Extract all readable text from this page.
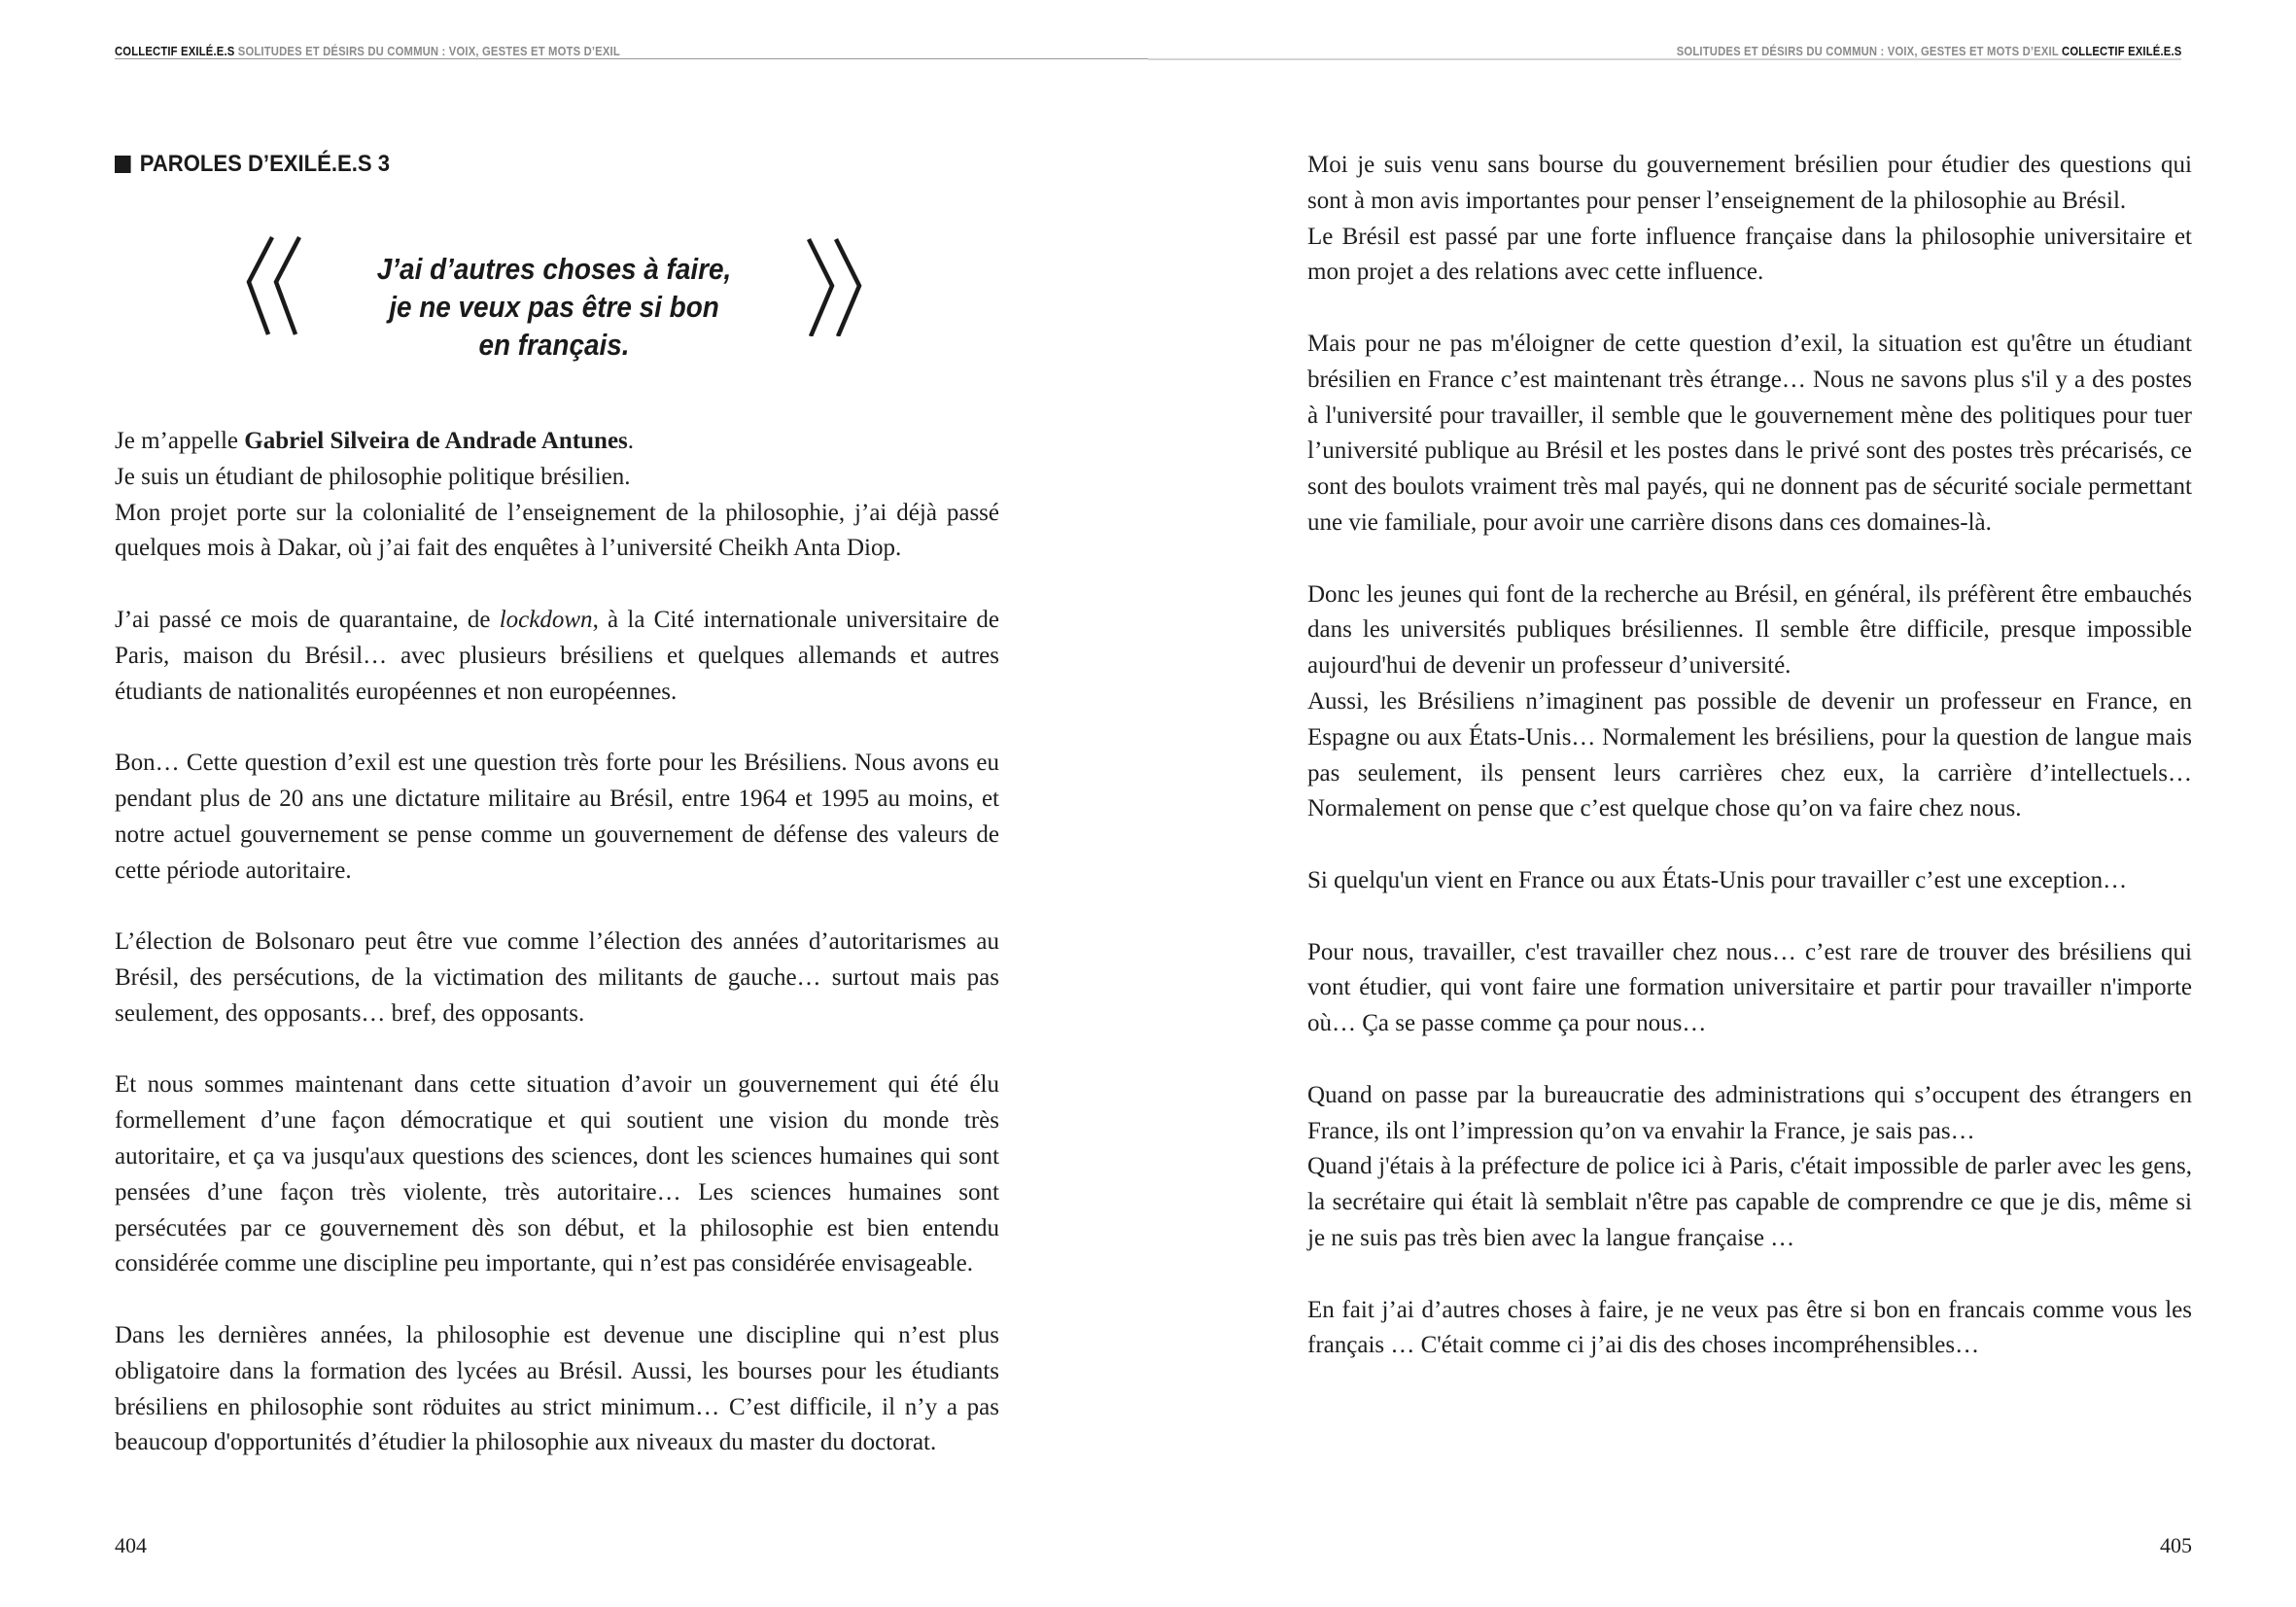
COLLECTIF EXILÉ.E.S SOLITUDES ET DÉSIRS DU COMMUN : VOIX, GESTES ET MOTS D’EXIL	SOLITUDES ET DÉSIRS DU COMMUN : VOIX, GESTES ET MOTS D’EXIL COLLECTIF EXILÉ.E.S
PAROLES D’EXILÉ.E.S 3
J’ai d’autres choses à faire,
je ne veux pas être si bon
en français.

Je m’appelle Gabriel Silveira de Andrade Antunes.
Je suis un étudiant de philosophie politique brésilien.
Mon projet porte sur la colonialité de l’enseignement de la philosophie, j’ai déjà passé quelques mois à Dakar, où j’ai fait des enquêtes à l’université Cheikh Anta Diop.

J’ai passé ce mois de quarantaine, de lockdown, à la Cité internationale universitaire de Paris, maison du Brésil… avec plusieurs brésiliens et quelques allemands et autres étudiants de nationalités européennes et non européennes.

Bon… Cette question d’exil est une question très forte pour les Brésiliens. Nous avons eu pendant plus de 20 ans une dictature militaire au Brésil, entre 1964 et 1995 au moins, et notre actuel gouvernement se pense comme un gouvernement de défense des valeurs de cette période autoritaire.

L’élection de Bolsonaro peut être vue comme l’élection des années d’autoritarismes au Brésil, des persécutions, de la victimation des militants de gauche… surtout mais pas seulement, des opposants… bref, des opposants.

Et nous sommes maintenant dans cette situation d’avoir un gouvernement qui été élu formellement d’une façon démocratique et qui soutient une vision du monde très autoritaire, et ça va jusqu'aux questions des sciences, dont les sciences humaines qui sont pensées d’une façon très violente, très autoritaire… Les sciences humaines sont persécutées par ce gouvernement dès son début, et la philosophie est bien entendu considérée comme une discipline peu importante, qui n’est pas considérée envisageable.

Dans les dernières années, la philosophie est devenue une discipline qui n’est plus obligatoire dans la formation des lycées au Brésil. Aussi, les bourses pour les étudiants brésiliens en philosophie sont röduites au strict minimum… C’est difficile, il n’y a pas beaucoup d'opportunités d’étudier la philosophie aux niveaux du master du doctorat.

404

Moi je suis venu sans bourse du gouvernement brésilien pour étudier des questions qui sont à mon avis importantes pour penser l’enseignement de la philosophie au Brésil.
Le Brésil est passé par une forte influence française dans la philosophie universitaire et mon projet a des relations avec cette influence.

Mais pour ne pas m'éloigner de cette question d’exil, la situation est qu'être un étudiant brésilien en France c’est maintenant très étrange… Nous ne savons plus s'il y a des postes à l'université pour travailler, il semble que le gouvernement mène des politiques pour tuer l’université publique au Brésil et les postes dans le privé sont des postes très précarisés, ce sont des boulots vraiment très mal payés, qui ne donnent pas de sécurité sociale permettant une vie familiale, pour avoir une carrière disons dans ces domaines-là.

Donc les jeunes qui font de la recherche au Brésil, en général, ils préfèrent être embauchés dans les universités publiques brésiliennes. Il semble être difficile, presque impossible aujourd'hui de devenir un professeur d’université.
Aussi, les Brésiliens n’imaginent pas possible de devenir un professeur en France, en Espagne ou aux États-Unis… Normalement les brésiliens, pour la question de langue mais pas seulement, ils pensent leurs carrières chez eux, la carrière d’intellectuels… Normalement on pense que c’est quelque chose qu’on va faire chez nous.

Si quelqu'un vient en France ou aux États-Unis pour travailler c’est une exception…

Pour nous, travailler, c'est travailler chez nous… c’est rare de trouver des brésiliens qui vont étudier, qui vont faire une formation universitaire et partir pour travailler n'importe où… Ça se passe comme ça pour nous…

Quand on passe par la bureaucratie des administrations qui s’occupent des étrangers en France, ils ont l’impression qu’on va envahir la France, je sais pas…
Quand j'étais à la préfecture de police ici à Paris, c'était impossible de parler avec les gens, la secrétaire qui était là semblait n'être pas capable de comprendre ce que je dis, même si je ne suis pas très bien avec la langue française …

En fait j’ai d’autres choses à faire, je ne veux pas être si bon en francais comme vous les français … C'était comme ci j’ai dis des choses incompréhensibles…

405
